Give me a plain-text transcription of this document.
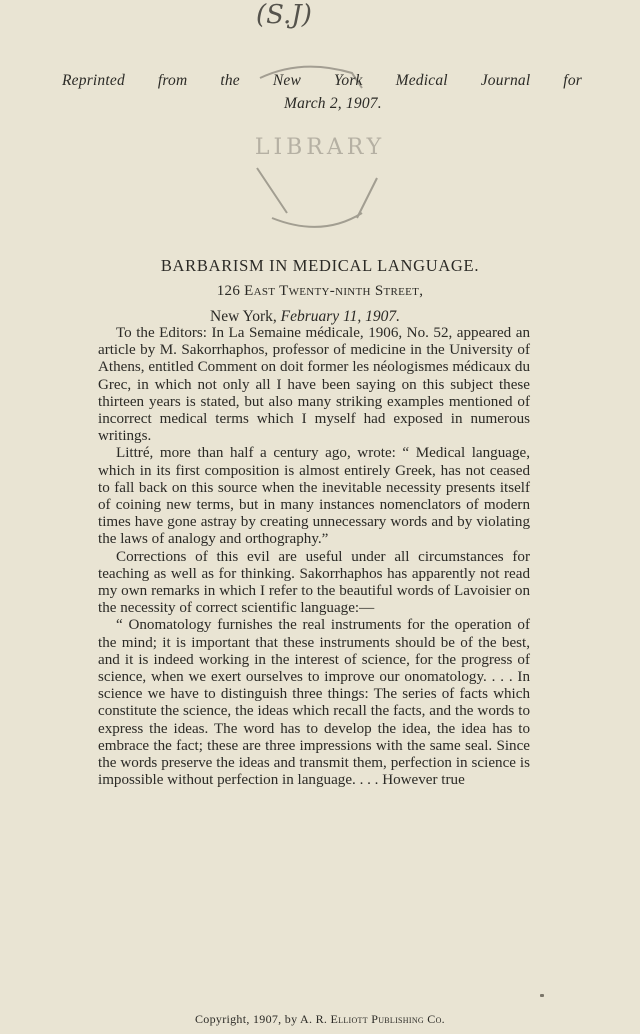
(S.J)
LIBRARY
Reprinted from the New York Medical Journal for
March 2, 1907.
BARBARISM IN MEDICAL LANGUAGE.
126 East Twenty-ninth Street,
New York, February 11, 1907.

To the Editors: In La Semaine médicale, 1906, No. 52, appeared an article by M. Sakorrhaphos, professor of medicine in the University of Athens, entitled Comment on doit former les néologismes médicaux du Grec, in which not only all I have been saying on this subject these thirteen years is stated, but also many striking examples mentioned of incorrect medical terms which I myself had exposed in numerous writings.

Littré, more than half a century ago, wrote: “ Medical language, which in its first composition is almost entirely Greek, has not ceased to fall back on this source when the inevitable necessity presents itself of coining new terms, but in many instances nomenclators of modern times have gone astray by creating unnecessary words and by violating the laws of analogy and orthography.”

Corrections of this evil are useful under all circumstances for teaching as well as for thinking. Sakorrhaphos has apparently not read my own remarks in which I refer to the beautiful words of Lavoisier on the necessity of correct scientific language:—

“ Onomatology furnishes the real instruments for the operation of the mind; it is important that these instruments should be of the best, and it is indeed working in the interest of science, for the progress of science, when we exert ourselves to improve our onomatology. . . . In science we have to distinguish three things: The series of facts which constitute the science, the ideas which recall the facts, and the words to express the ideas. The word has to develop the idea, the idea has to embrace the fact; these are three impressions with the same seal. Since the words preserve the ideas and transmit them, perfection in science is impossible without perfection in language. . . . However true

Copyright, 1907, by A. R. Elliott Publishing Co.
